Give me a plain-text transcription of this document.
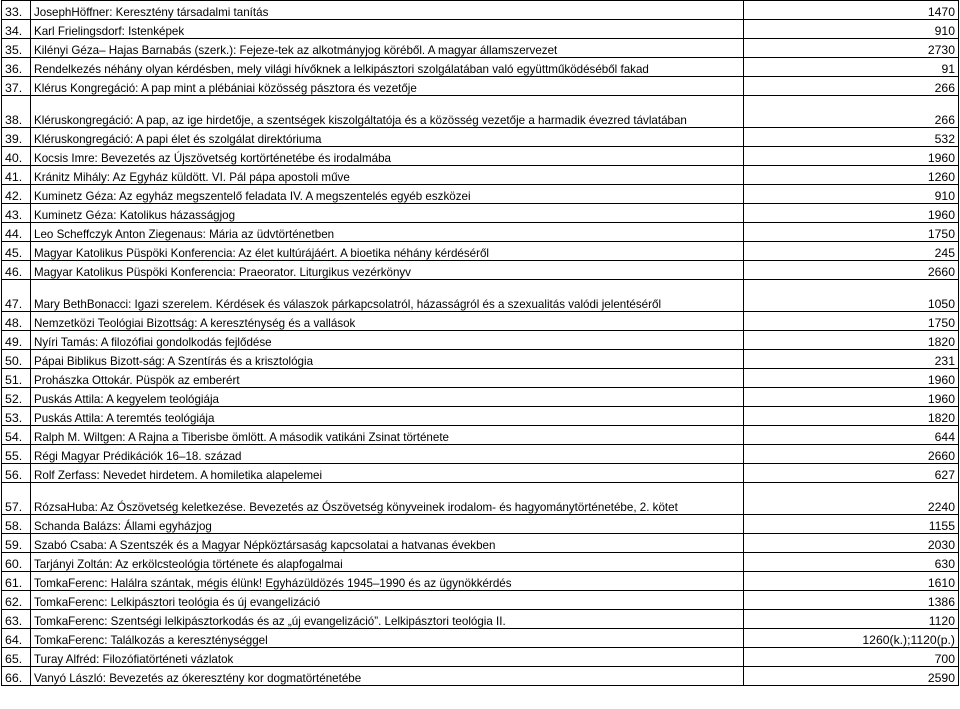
33.	JosephHöffner: Keresztény társadalmi tanítás	1470
34.	Karl Frielingsdorf: Istenképek	910
35.	Kilényi Géza– Hajas Barnabás (szerk.): Fejeze-tek az alkotmányjog köréből. A magyar államszervezet	2730
36.	Rendelkezés néhány olyan kérdésben, mely világi hívőknek a lelkipásztori szolgálatában való együttműködéséből fakad	91
37.	Klérus Kongregáció: A pap mint a plébániai közösség pásztora és vezetője	266
38.	Kléruskongregáció: A pap, az ige hirdetője, a szentségek kiszolgáltatója és a közösség vezetője a harmadik évezred távlatában	266
39.	Kléruskongregáció: A papi élet és szolgálat direktóriuma	532
40.	Kocsis Imre: Bevezetés az Újszövetség kortörténetébe és irodalmába	1960
41.	Kránitz Mihály: Az Egyház küldött. VI. Pál pápa apostoli műve	1260
42.	Kuminetz Géza: Az egyház megszentelő feladata IV. A megszentelés egyéb eszközei	910
43.	Kuminetz Géza: Katolikus házasságjog	1960
44.	Leo Scheffczyk Anton Ziegenaus: Mária az üdvtörténetben	1750
45.	Magyar Katolikus Püspöki Konferencia: Az élet kultúrájáért. A bioetika néhány kérdéséről	245
46.	Magyar Katolikus Püspöki Konferencia: Praeorator. Liturgikus vezérkönyv	2660
47.	Mary BethBonacci: Igazi szerelem. Kérdések és válaszok párkapcsolatról, házasságról és a szexualitás valódi jelentéséről	1050
48.	Nemzetközi Teológiai Bizottság: A kereszténység és a vallások	1750
49.	Nyíri Tamás: A filozófiai gondolkodás fejlődése	1820
50.	Pápai Biblikus Bizott-ság: A Szentírás és a krisztológia	231
51.	Prohászka Ottokár. Püspök az emberért	1960
52.	Puskás Attila: A kegyelem teológiája	1960
53.	Puskás Attila: A teremtés teológiája	1820
54.	Ralph M. Wiltgen: A Rajna a Tiberisbe ömlött. A második vatikáni Zsinat története	644
55.	Régi Magyar Prédikációk 16–18. század	2660
56.	Rolf Zerfass: Nevedet hirdetem. A homiletika alapelemei	627
57.	RózsaHuba: Az Ószövetség keletkezése. Bevezetés az Ószövetség könyveinek irodalom- és hagyománytörténetébe, 2. kötet	2240
58.	Schanda Balázs: Állami egyházjog	1155
59.	Szabó Csaba: A Szentszék és a Magyar Népköztársaság kapcsolatai a hatvanas években	2030
60.	Tarjányi Zoltán: Az erkölcsteológia története és alapfogalmai	630
61.	TomkaFerenc: Halálra szántak, mégis élünk! Egyházüldözés 1945–1990 és az ügynökkérdés	1610
62.	TomkaFerenc: Lelkipásztori teológia és új evangelizáció	1386
63.	TomkaFerenc: Szentségi lelkipásztorkodás és az „új evangelizáció”. Lelkipásztori teológia II.	1120
64.	TomkaFerenc: Találkozás a kereszténységgel	1260(k.);1120(p.)
65.	Turay Alfréd: Filozófiatörténeti vázlatok	700
66.	Vanyó László: Bevezetés az ókeresztény kor dogmatörténetébe	2590
